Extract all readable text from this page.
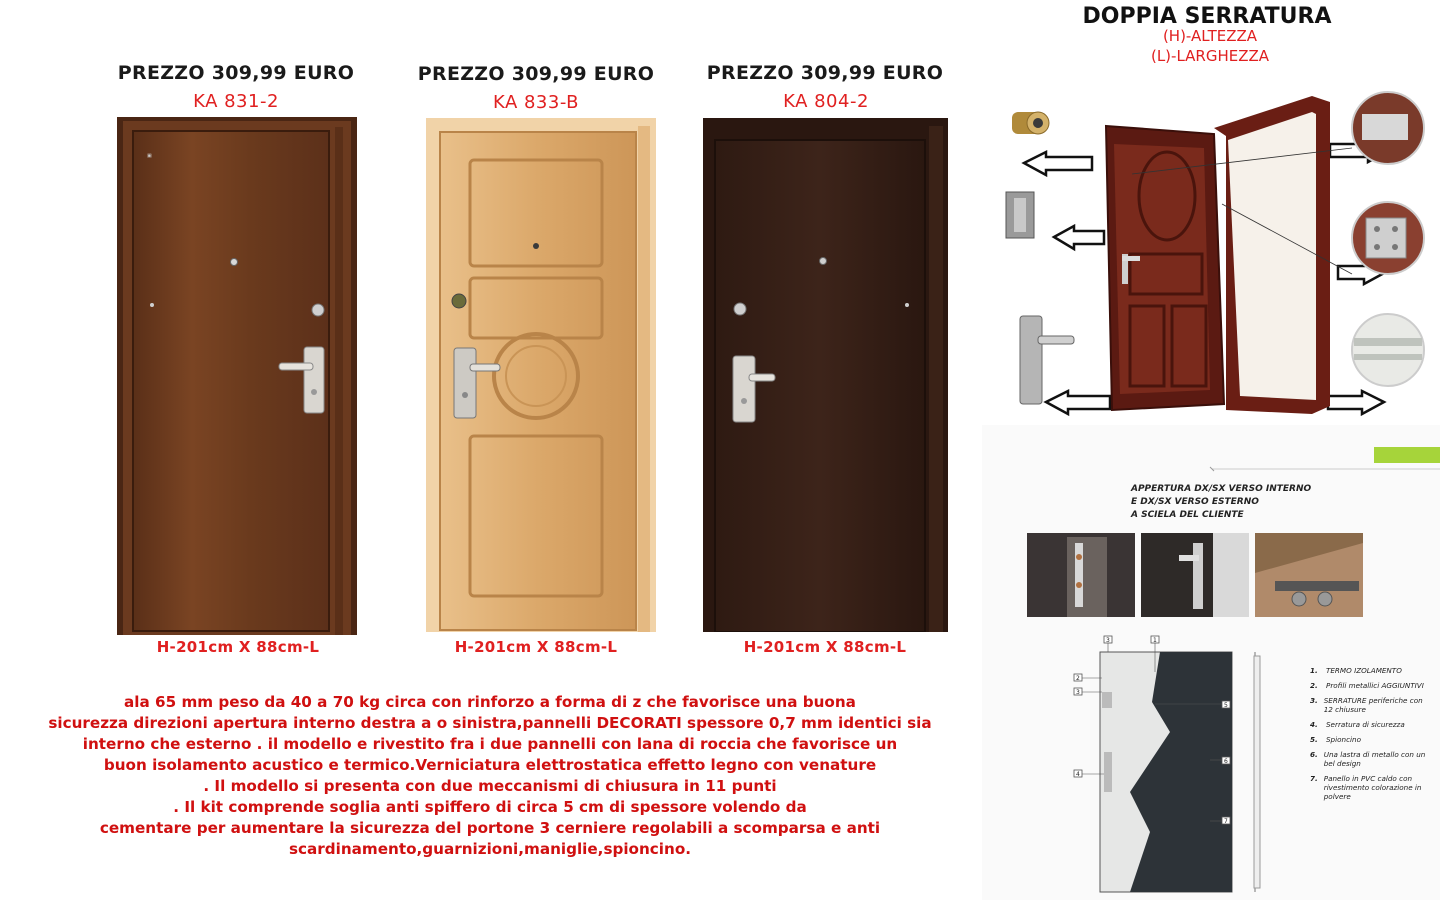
PREZZO 309,99 EURO
KA 831-2
▣
H-201cm X 88cm-L
PREZZO 309,99 EURO
KA 833-B
H-201cm X 88cm-L
PREZZO 309,99 EURO
KA 804-2
H-201cm X 88cm-L
ala 65 mm peso da 40 a 70 kg circa con rinforzo a forma di z che favorisce una buona
sicurezza direzioni apertura interno destra a o sinistra,pannelli DECORATI spessore 0,7 mm identici sia
interno che esterno . il modello e rivestito fra i due pannelli con lana di roccia che favorisce un
buon isolamento acustico e termico.Verniciatura elettrostatica effetto legno con venature
. Il modello si presenta con due meccanismi di chiusura in 11 punti
. Il kit comprende soglia anti spiffero di circa 5 cm di spessore volendo da
cementare per aumentare la sicurezza del portone 3 cerniere regolabili a scomparsa e anti
scardinamento,guarnizioni,maniglie,spioncino.
DOPPIA SERRATURA
(H)-ALTEZZA
(L)-LARGHEZZA
APPERTURA DX/SX VERSO INTERNO
E DX/SX VERSO ESTERNO
A SCIELA DEL CLIENTE
3	1
2
3
5
4
6
7
1.	TERMO IZOLAMENTO
2.	Profili metallici AGGIUNTIVI
3. SERRATURE periferiche con 12 chiusure
4.	Serratura di sicurezza
5.	Spioncino
6. Una lastra di metallo con un bel design
7. Panello in PVC caldo con rivestimento colorazione in polvere
